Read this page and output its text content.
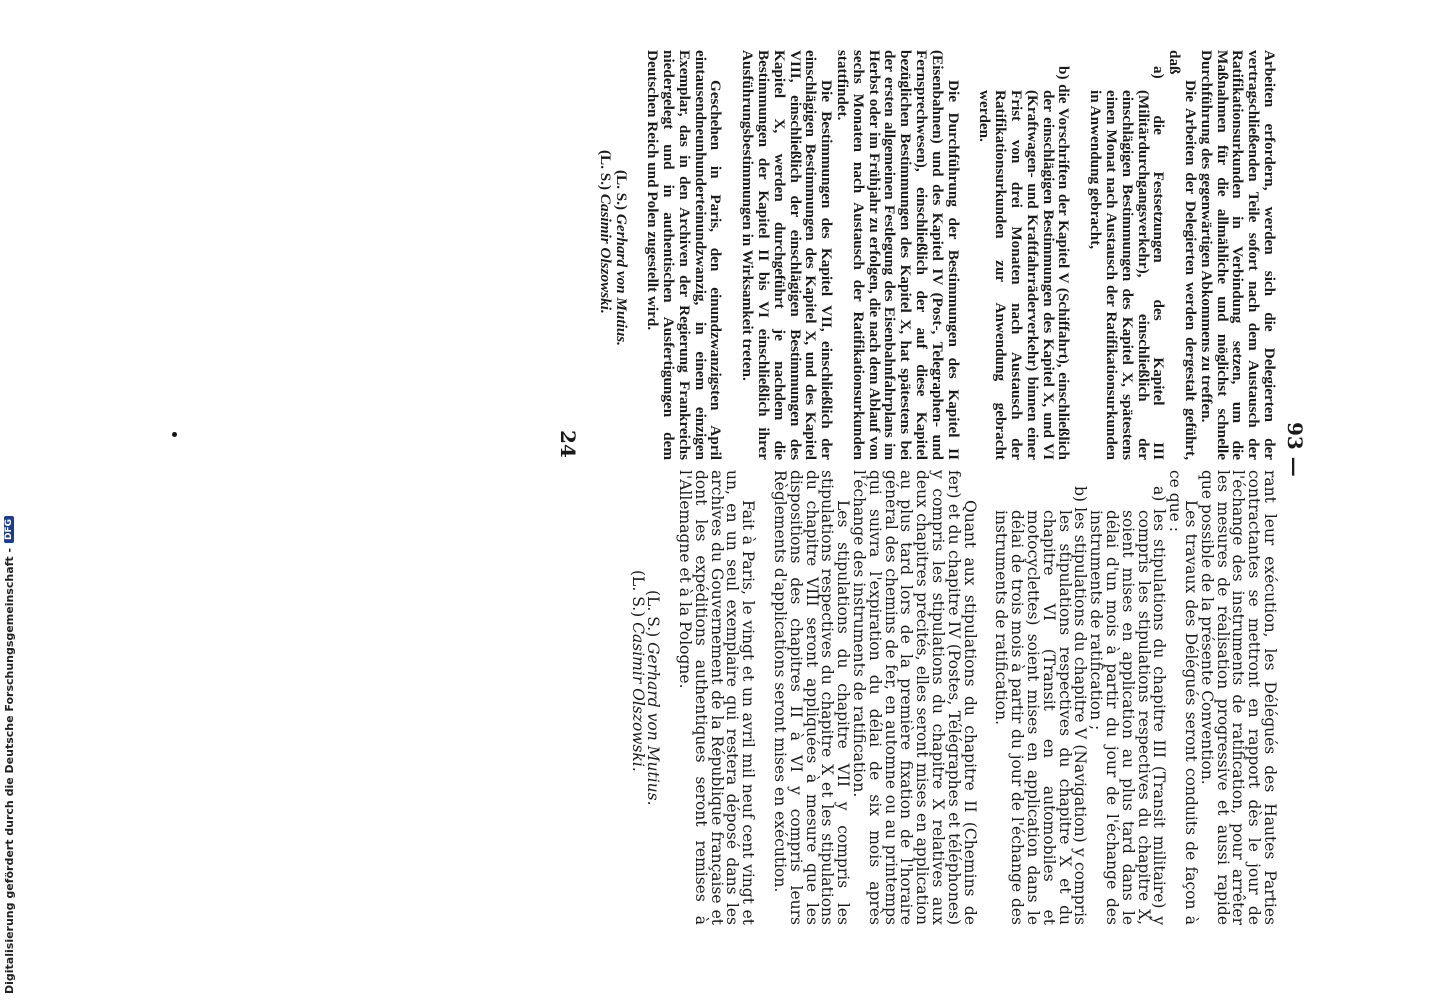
93 —

Arbeiten erfordern, werden sich die Delegierten der vertragschließenden Teile sofort nach dem Austausch der Ratifikationsurkunden in Verbindung setzen, um die Maßnahmen für die allmähliche und möglichst schnelle Durchführung des gegenwärtigen Abkommens zu treffen.

Die Arbeiten der Delegierten werden dergestalt geführt, daß

a) die Festsetzungen des Kapitel III (Militärdurchgangsverkehr), einschließlich der einschlägigen Bestimmungen des Kapitel X, spätestens einen Monat nach Austausch der Ratifikationsurkunden in Anwendung gebracht,

b) die Vorschriften der Kapitel V (Schiffahrt), einschließlich der einschlägigen Bestimmungen des Kapitel X, und VI (Kraftwagen- und Kraftfahrräderverkehr) binnen einer Frist von drei Monaten nach Austausch der Ratifikationsurkunden zur Anwendung gebracht werden.

Die Durchführung der Bestimmungen des Kapitel II (Eisenbahnen) und des Kapitel IV (Post-, Telegraphen- und Fernsprechwesen), einschließlich der auf diese Kapitel bezüglichen Bestimmungen des Kapitel X, hat spätestens bei der ersten allgemeinen Festlegung des Eisenbahnfahrplans im Herbst oder im Frühjahr zu erfolgen, die nach dem Ablauf von sechs Monaten nach Austausch der Ratifikationsurkunden stattfindet.

Die Bestimmungen des Kapitel VII, einschließlich der einschlägigen Bestimmungen des Kapitel X, und des Kapitel VIII, einschließlich der einschlägigen Bestimmungen des Kapitel X, werden durchgeführt je nachdem die Bestimmungen der Kapitel II bis VI einschließlich ihrer Ausführungsbestimmungen in Wirksamkeit treten.

Geschehen in Paris, den einundzwanzigsten April eintausendneunhunderteinundzwanzig, in einem einzigen Exemplar, das in den Archiven der Regierung Frankreichs niedergelegt und in authentischen Ausfertigungen dem Deutschen Reich und Polen zugestellt wird.

(L. S.) Gerhard von Mutius.

(L. S.) Casimir Olszowski.

24

rant leur exécution, les Délégués des Hautes Parties contractantes se mettront en rapport dès le jour de l'échange des instruments de ratification, pour arrêter les mesures de réalisation progressive et aussi rapide que possible de la présente Convention.

Les travaux des Délégués seront conduits de façon à ce que :

a) les stipulations du chapitre III (Transit militaire) y compris les stipulations respectives du chapitre X, soient mises en application au plus tard dans le délai d'un mois à partir du jour de l'échange des instruments de ratification ;

b) les stipulations du chapitre V (Navigation) y compris les stipulations respectives du chapitre X et du chapitre VI (Transit en automobiles et motocyclettes) soient mises en application dans le délai de trois mois à partir du jour de l'échange des instruments de ratification.

Quant aux stipulations du chapitre II (Chemins de fer) et du chapitre IV (Postes, Télégraphes et téléphones) y compris les stipulations du chapitre X relatives aux deux chapitres précités, elles seront mises en application au plus tard lors de la première fixation de l'horaire général des chemins de fer, en automne ou au printemps qui suivra l'expiration du délai de six mois après l'échange des instruments de ratification.

Les stipulations du chapitre VII y compris les stipulations respectives du chapitre X et les stipulations du chapitre VIII seront appliquées à mesure que les dispositions des chapitres II à VI y compris leurs Règlements d'applications seront mises en exécution.

Fait à Paris, le vingt et un avril mil neuf cent vingt et un, en un seul exemplaire qui restera déposé dans les archives du Gouvernement de la République française et dont les expéditions authentiques seront remises à l'Allemagne et à la Pologne.

(L. S.) Gerhard von Mutius.

(L. S.) Casimir Olszowski.

Digitalisierung gefördert durch die Deutsche Forschungsgemeinschaft -
DFG
